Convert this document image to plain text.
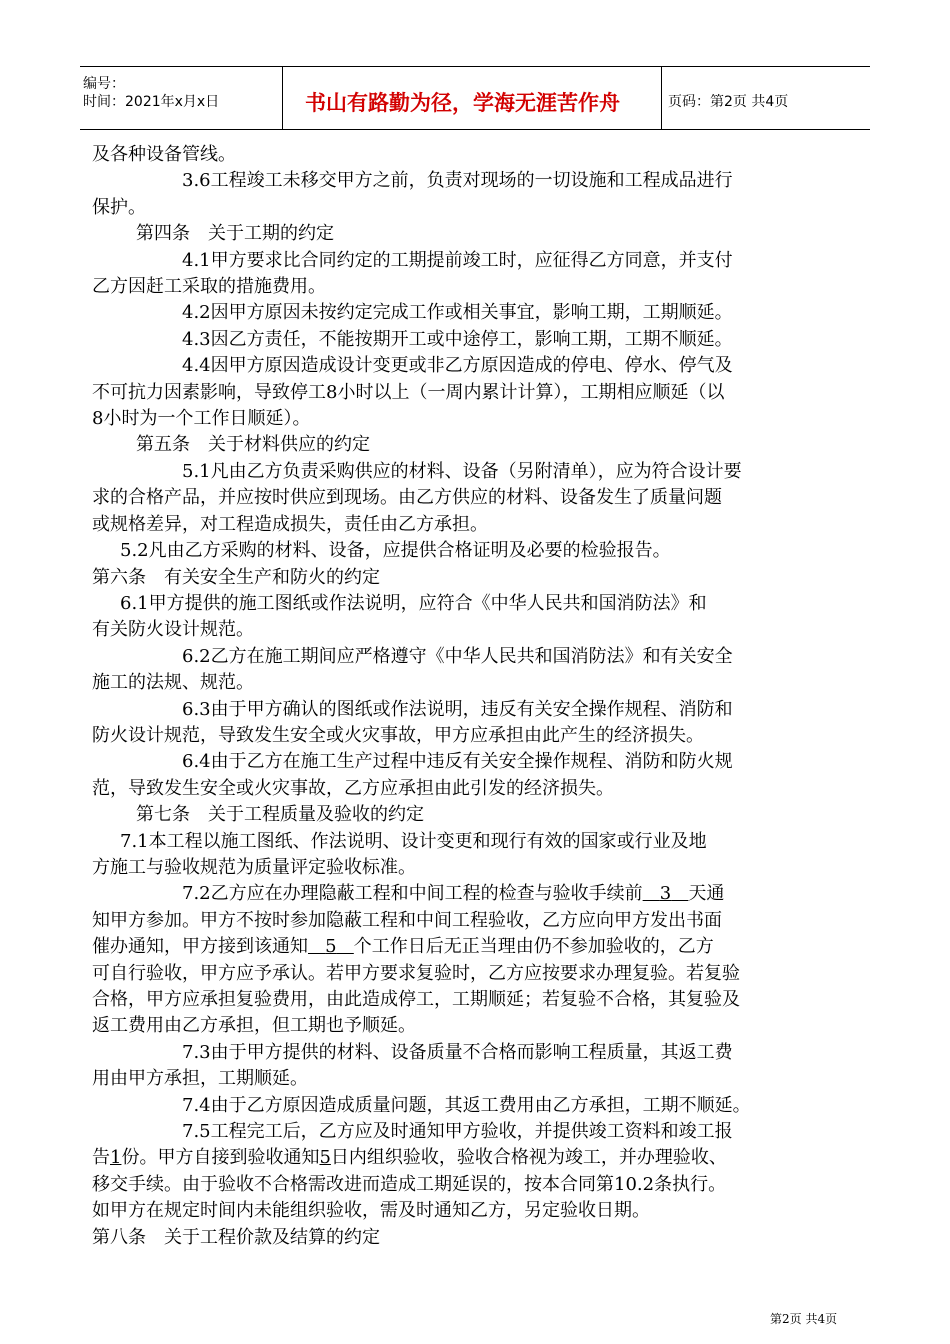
编号：
时间：2021年x月x日	书山有路勤为径，学海无涯苦作舟	页码：第2页 共4页

及各种设备管线。

3.6工程竣工未移交甲方之前，负责对现场的一切设施和工程成品进行

保护。

第四条　关于工期的约定

4.1甲方要求比合同约定的工期提前竣工时，应征得乙方同意，并支付

乙方因赶工采取的措施费用。

4.2因甲方原因未按约定完成工作或相关事宜，影响工期，工期顺延。

4.3因乙方责任，不能按期开工或中途停工，影响工期，工期不顺延。

4.4因甲方原因造成设计变更或非乙方原因造成的停电、停水、停气及

不可抗力因素影响，导致停工8小时以上（一周内累计计算），工期相应顺延（以

8小时为一个工作日顺延）。

第五条　关于材料供应的约定

5.1凡由乙方负责采购供应的材料、设备（另附清单），应为符合设计要

求的合格产品，并应按时供应到现场。由乙方供应的材料、设备发生了质量问题

或规格差异，对工程造成损失，责任由乙方承担。

5.2凡由乙方采购的材料、设备，应提供合格证明及必要的检验报告。

第六条　有关安全生产和防火的约定

6.1甲方提供的施工图纸或作法说明，应符合《中华人民共和国消防法》和

有关防火设计规范。

6.2乙方在施工期间应严格遵守《中华人民共和国消防法》和有关安全

施工的法规、规范。

6.3由于甲方确认的图纸或作法说明，违反有关安全操作规程、消防和

防火设计规范，导致发生安全或火灾事故，甲方应承担由此产生的经济损失。

6.4由于乙方在施工生产过程中违反有关安全操作规程、消防和防火规

范，导致发生安全或火灾事故，乙方应承担由此引发的经济损失。

第七条　关于工程质量及验收的约定

7.1本工程以施工图纸、作法说明、设计变更和现行有效的国家或行业及地

方施工与验收规范为质量评定验收标准。

7.2乙方应在办理隐蔽工程和中间工程的检查与验收手续前 3 天通

知甲方参加。甲方不按时参加隐蔽工程和中间工程验收，乙方应向甲方发出书面

催办通知，甲方接到该通知 5 个工作日后无正当理由仍不参加验收的，乙方

可自行验收，甲方应予承认。若甲方要求复验时，乙方应按要求办理复验。若复验

合格，甲方应承担复验费用，由此造成停工，工期顺延；若复验不合格，其复验及

返工费用由乙方承担，但工期也予顺延。

7.3由于甲方提供的材料、设备质量不合格而影响工程质量，其返工费

用由甲方承担，工期顺延。

7.4由于乙方原因造成质量问题，其返工费用由乙方承担，工期不顺延。

7.5工程完工后，乙方应及时通知甲方验收，并提供竣工资料和竣工报

告1份。甲方自接到验收通知5日内组织验收，验收合格视为竣工，并办理验收、

移交手续。由于验收不合格需改进而造成工期延误的，按本合同第10.2条执行。

如甲方在规定时间内未能组织验收，需及时通知乙方，另定验收日期。

第八条　关于工程价款及结算的约定

第2页 共4页
